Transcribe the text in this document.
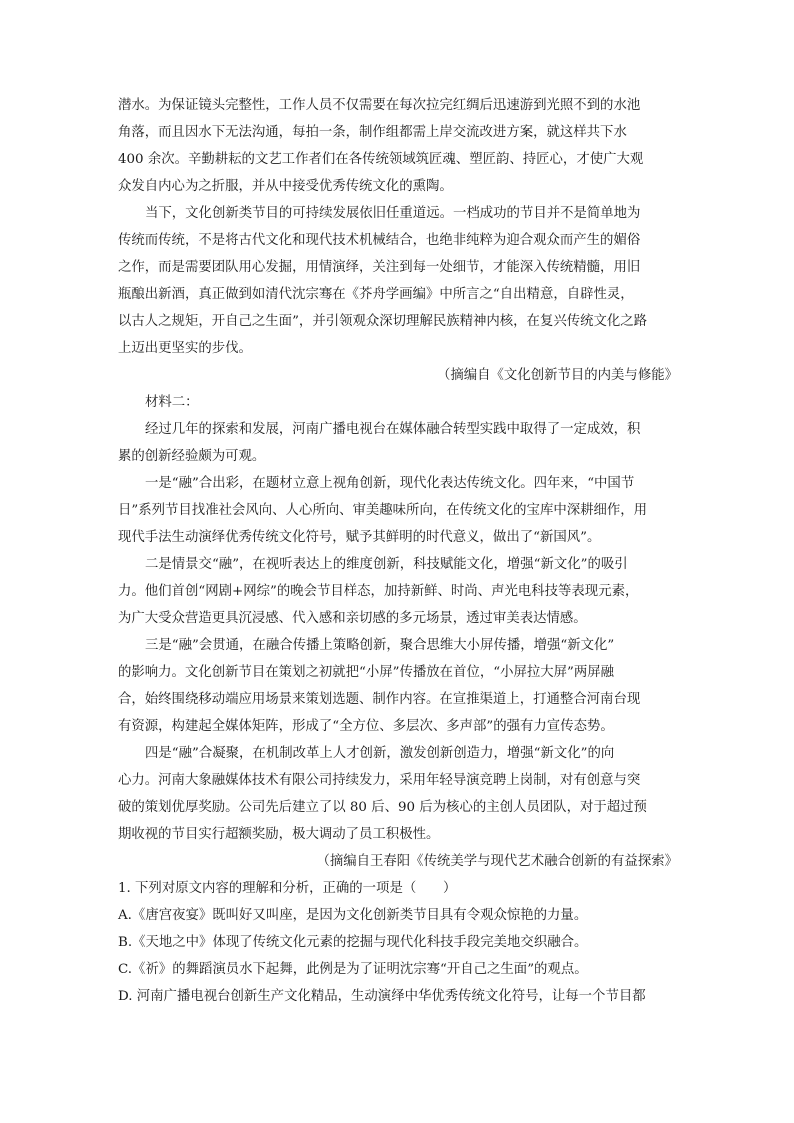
潜水。为保证镜头完整性，工作人员不仅需要在每次拉完红绸后迅速游到光照不到的水池
角落，而且因水下无法沟通，每拍一条，制作组都需上岸交流改进方案，就这样共下水
400 余次。辛勤耕耘的文艺工作者们在各传统领域筑匠魂、塑匠韵、持匠心，才使广大观
众发自内心为之折服，并从中接受优秀传统文化的熏陶。
当下，文化创新类节目的可持续发展依旧任重道远。一档成功的节目并不是简单地为
传统而传统，不是将古代文化和现代技术机械结合，也绝非纯粹为迎合观众而产生的媚俗
之作，而是需要团队用心发掘，用情演绎，关注到每一处细节，才能深入传统精髓，用旧
瓶酿出新酒，真正做到如清代沈宗骞在《芥舟学画编》中所言之“自出精意，自辟性灵，
以古人之规矩，开自己之生面”，并引领观众深切理解民族精神内核，在复兴传统文化之路
上迈出更坚实的步伐。
（摘编自《文化创新节目的内美与修能》
材料二：
经过几年的探索和发展，河南广播电视台在媒体融合转型实践中取得了一定成效，积
累的创新经验颇为可观。
一是“融”合出彩，在题材立意上视角创新，现代化表达传统文化。四年来，“中国节
日”系列节目找准社会风向、人心所向、审美趣味所向，在传统文化的宝库中深耕细作，用
现代手法生动演绎优秀传统文化符号，赋予其鲜明的时代意义，做出了“新国风”。
二是情景交“融”，在视听表达上的维度创新，科技赋能文化，增强“新文化”的吸引
力。他们首创“网剧+网综”的晚会节目样态，加持新鲜、时尚、声光电科技等表现元素，
为广大受众营造更具沉浸感、代入感和亲切感的多元场景，透过审美表达情感。
三是“融”会贯通，在融合传播上策略创新，聚合思维大小屏传播，增强“新文化”
的影响力。文化创新节目在策划之初就把“小屏”传播放在首位，“小屏拉大屏”两屏融
合，始终围绕移动端应用场景来策划选题、制作内容。在宣推渠道上，打通整合河南台现
有资源，构建起全媒体矩阵，形成了“全方位、多层次、多声部”的强有力宣传态势。
四是“融”合凝聚，在机制改革上人才创新，激发创新创造力，增强“新文化”的向
心力。河南大象融媒体技术有限公司持续发力，采用年轻导演竞聘上岗制，对有创意与突
破的策划优厚奖励。公司先后建立了以 80 后、90 后为核心的主创人员团队，对于超过预
期收视的节目实行超额奖励，极大调动了员工积极性。
（摘编自王春阳《传统美学与现代艺术融合创新的有益探索》
1. 下列对原文内容的理解和分析，正确的一项是（　　）
A.《唐宫夜宴》既叫好又叫座，是因为文化创新类节目具有令观众惊艳的力量。
B.《天地之中》体现了传统文化元素的挖掘与现代化科技手段完美地交织融合。
C.《祈》的舞蹈演员水下起舞，此例是为了证明沈宗骞“开自己之生面”的观点。
D. 河南广播电视台创新生产文化精品，生动演绎中华优秀传统文化符号，让每一个节目都
